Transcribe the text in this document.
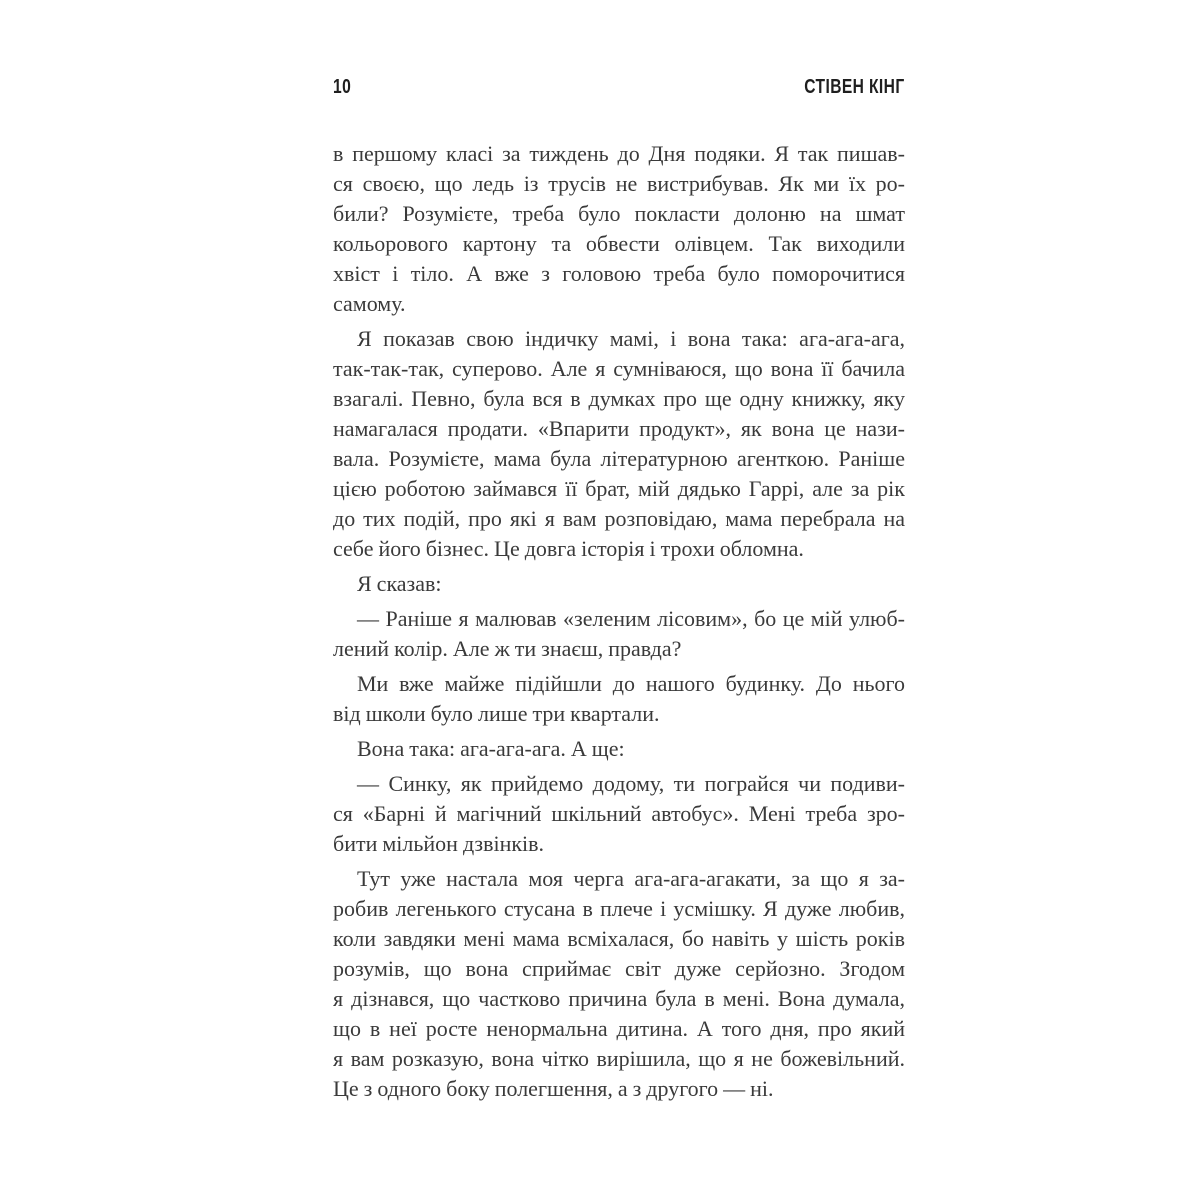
10	СТІВЕН КІНГ

в першому класі за тиждень до Дня подяки. Я так пишав-
ся своєю, що ледь із трусів не вистрибував. Як ми їх ро-
били? Розумієте, треба було покласти долоню на шмат
кольорового картону та обвести олівцем. Так виходили
хвіст і тіло. А вже з головою треба було поморочитися
самому.

Я показав свою індичку мамі, і вона така: ага-ага-ага,
так-так-так, суперово. Але я сумніваюся, що вона її бачила
взагалі. Певно, була вся в думках про ще одну книжку, яку
намагалася продати. «Впарити продукт», як вона це нази-
вала. Розумієте, мама була літературною агенткою. Раніше
цією роботою займався її брат, мій дядько Гаррі, але за рік
до тих подій, про які я вам розповідаю, мама перебрала на
себе його бізнес. Це довга історія і трохи обломна.

Я сказав:

— Раніше я малював «зеленим лісовим», бо це мій улюб-
лений колір. Але ж ти знаєш, правда?

Ми вже майже підійшли до нашого будинку. До нього
від школи було лише три квартали.

Вона така: ага-ага-ага. А ще:

— Синку, як прийдемо додому, ти пограйся чи подиви-
ся «Барні й магічний шкільний автобус». Мені треба зро-
бити мільйон дзвінків.

Тут уже настала моя черга ага-ага-агакати, за що я за-
робив легенького стусана в плече і усмішку. Я дуже любив,
коли завдяки мені мама всміхалася, бо навіть у шість років
розумів, що вона сприймає світ дуже серйозно. Згодом
я дізнався, що частково причина була в мені. Вона думала,
що в неї росте ненормальна дитина. А того дня, про який
я вам розказую, вона чітко вирішила, що я не божевільний.
Це з одного боку полегшення, а з другого — ні.
